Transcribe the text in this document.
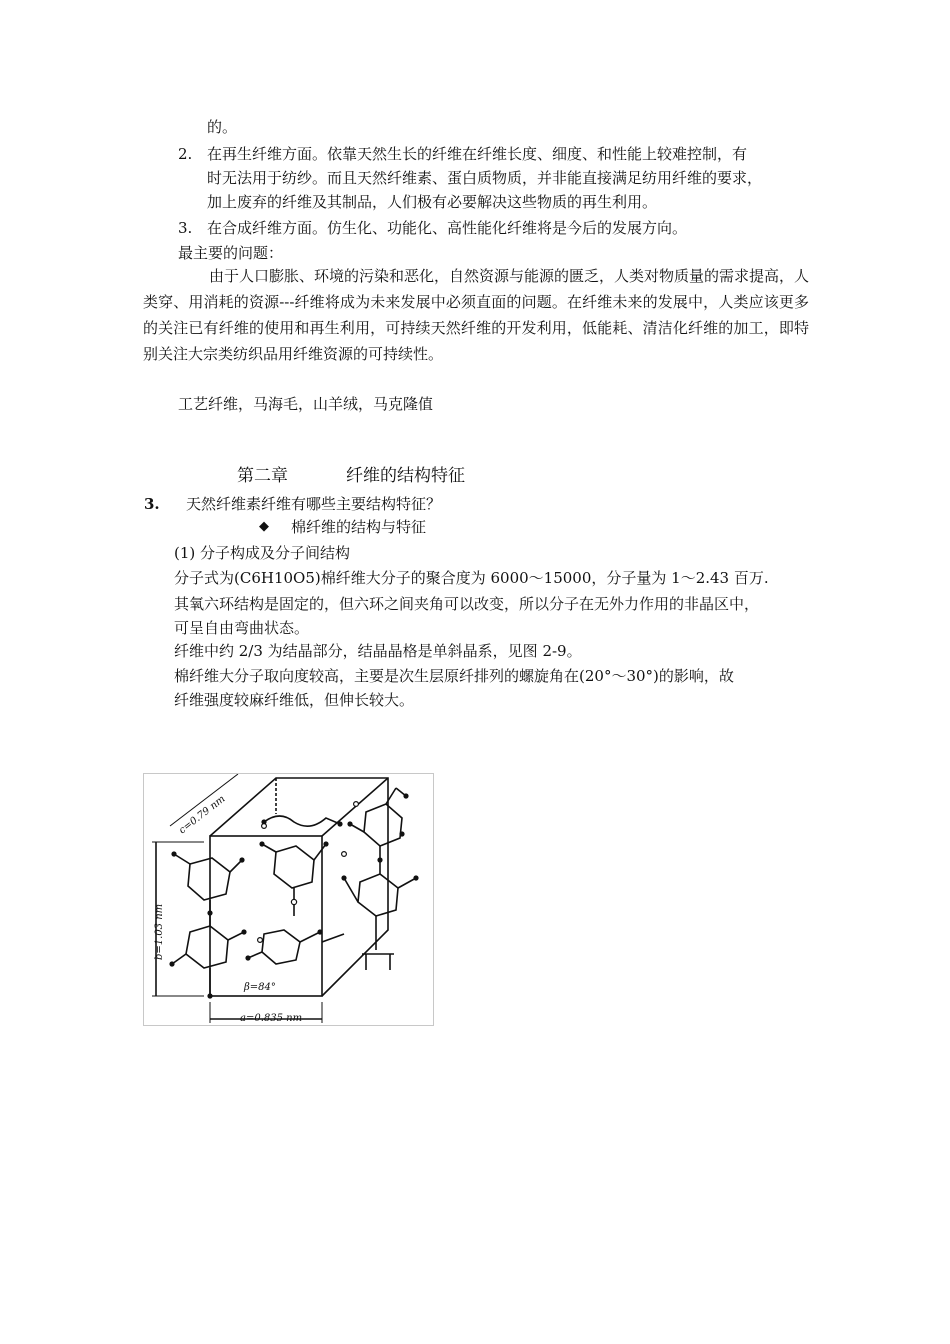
的。
2. 在再生纤维方面。依靠天然生长的纤维在纤维长度、细度、和性能上较难控制，有
时无法用于纺纱。而且天然纤维素、蛋白质物质，并非能直接满足纺用纤维的要求，
加上废弃的纤维及其制品，人们极有必要解决这些物质的再生利用。
3. 在合成纤维方面。仿生化、功能化、高性能化纤维将是今后的发展方向。
最主要的问题：
由于人口膨胀、环境的污染和恶化，自然资源与能源的匮乏，人类对物质量的需求提高，人类穿、用消耗的资源---纤维将成为未来发展中必须直面的问题。在纤维未来的发展中，人类应该更多的关注已有纤维的使用和再生利用，可持续天然纤维的开发利用，低能耗、清洁化纤维的加工，即特别关注大宗类纺织品用纤维资源的可持续性。
工艺纤维，马海毛，山羊绒，马克隆值
第二章	纤维的结构特征
3. 天然纤维素纤维有哪些主要结构特征？
◆ 棉纤维的结构与特征
(1) 分子构成及分子间结构
分子式为(C6H10O5)棉纤维大分子的聚合度为 6000～15000，分子量为 1～2.43 百万.
其氧六环结构是固定的，但六环之间夹角可以改变，所以分子在无外力作用的非晶区中，
可呈自由弯曲状态。
纤维中约 2/3 为结晶部分，结晶晶格是单斜晶系，见图 2-9。
棉纤维大分子取向度较高，主要是次生层原纤排列的螺旋角在(20°～30°)的影响，故
纤维强度较麻纤维低，但伸长较大。
c=0.79 nm
b=1.03 nm
a=0.835 nm
β=84°
